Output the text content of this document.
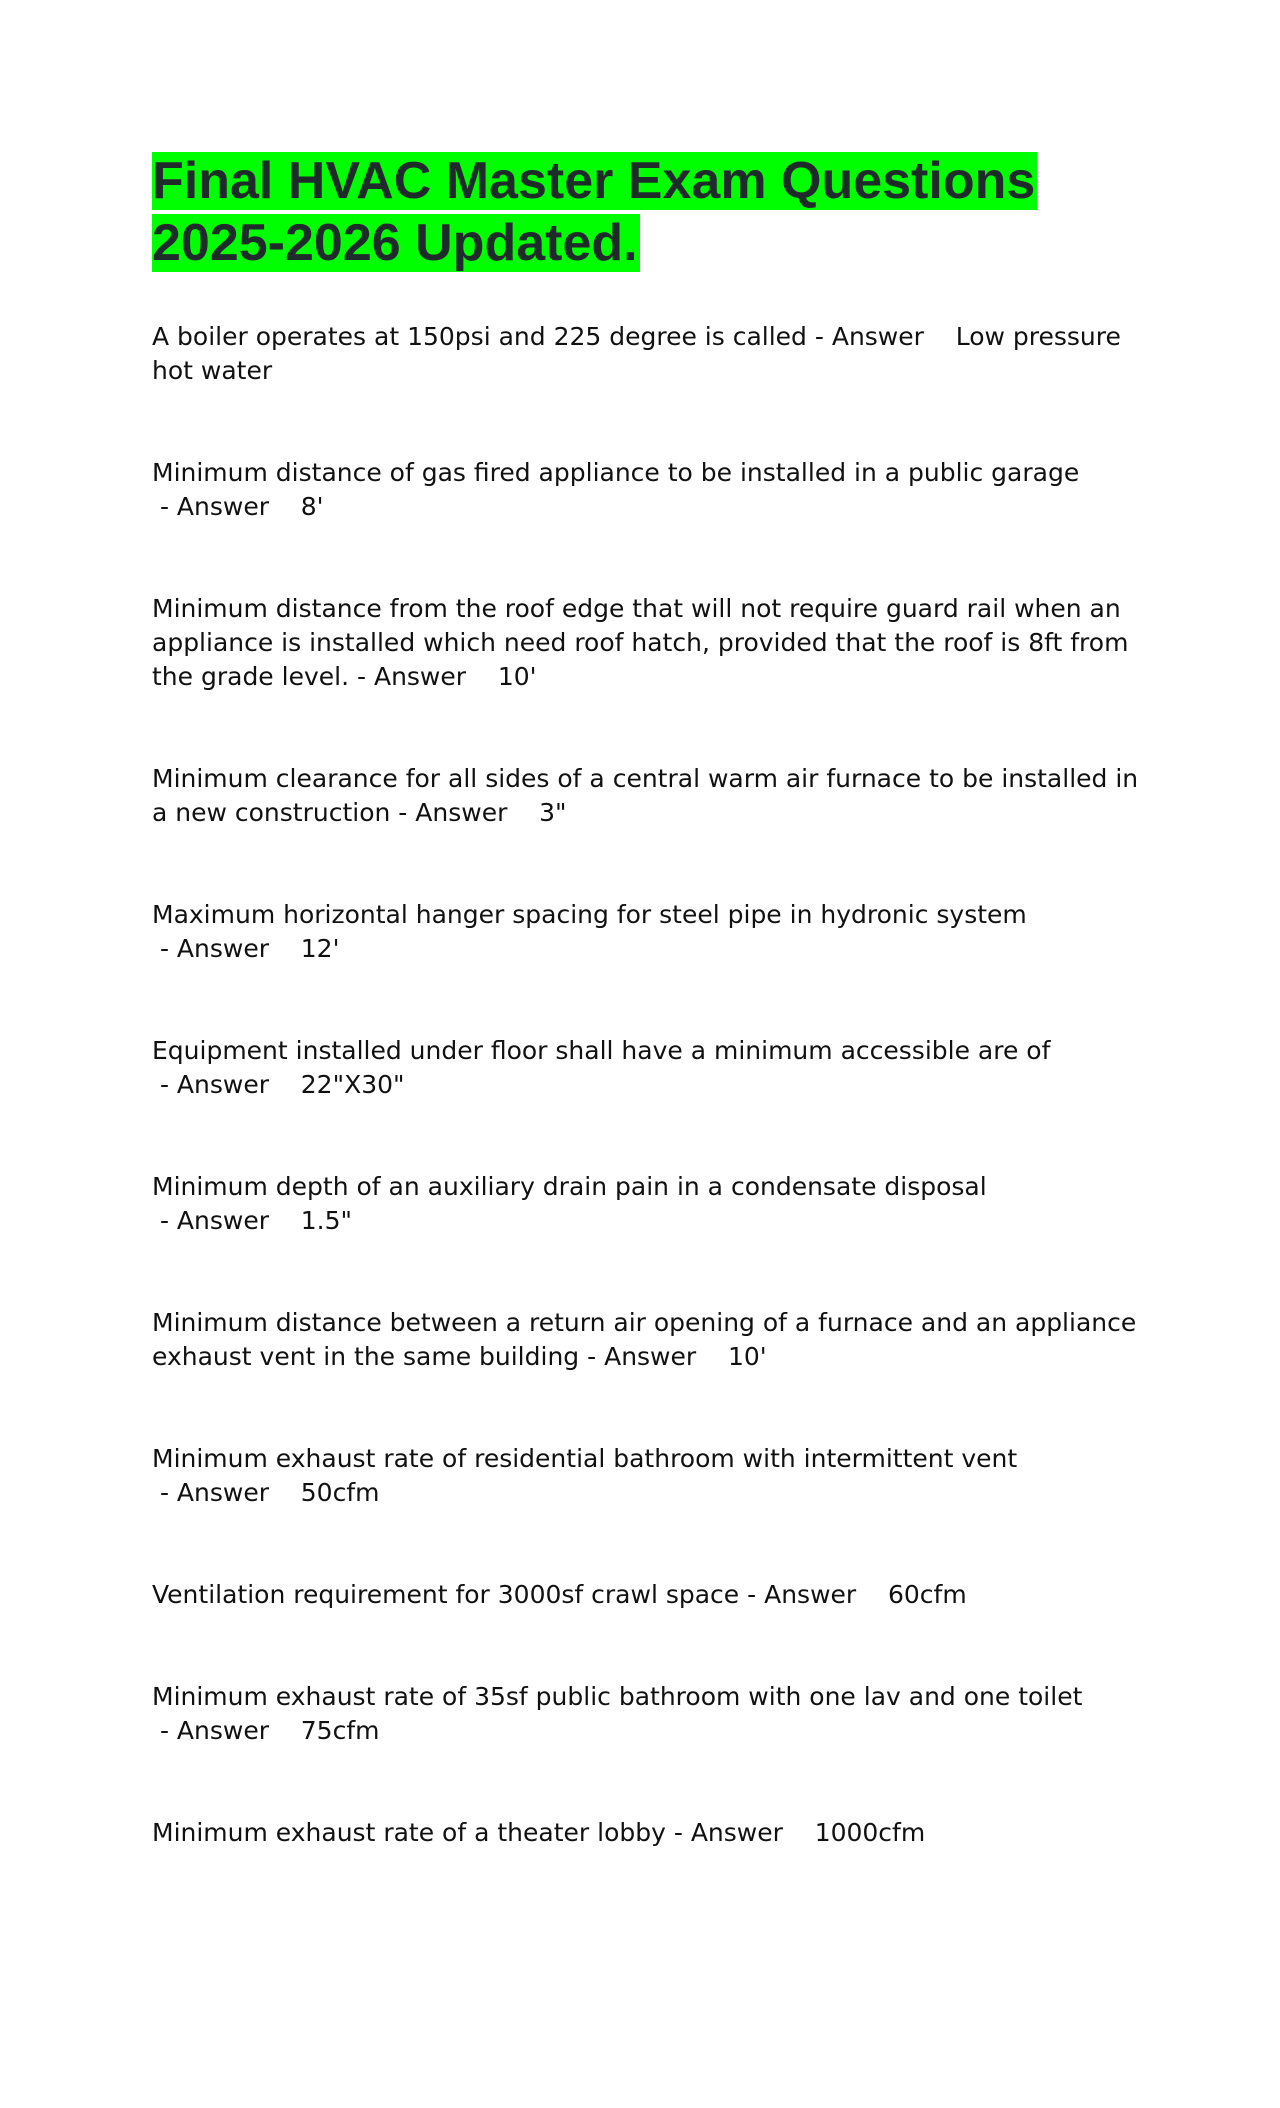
Final HVAC Master Exam Questions 2025-2026 Updated.

A boiler operates at 150psi and 225 degree is called - Answer    Low pressure hot water

Minimum distance of gas fired appliance to be installed in a public garage - Answer    8'

Minimum distance from the roof edge that will not require guard rail when an appliance is installed which need roof hatch, provided that the roof is 8ft from the grade level. - Answer    10'

Minimum clearance for all sides of a central warm air furnace to be installed in a new construction - Answer    3"

Maximum horizontal hanger spacing for steel pipe in hydronic system - Answer    12'

Equipment installed under floor shall have a minimum accessible are of - Answer    22"X30"

Minimum depth of an auxiliary drain pain in a condensate disposal - Answer    1.5"

Minimum distance between a return air opening of a furnace and an appliance exhaust vent in the same building - Answer    10'

Minimum exhaust rate of residential bathroom with intermittent vent - Answer    50cfm

Ventilation requirement for 3000sf crawl space - Answer    60cfm

Minimum exhaust rate of 35sf public bathroom with one lav and one toilet - Answer    75cfm

Minimum exhaust rate of a theater lobby - Answer    1000cfm
